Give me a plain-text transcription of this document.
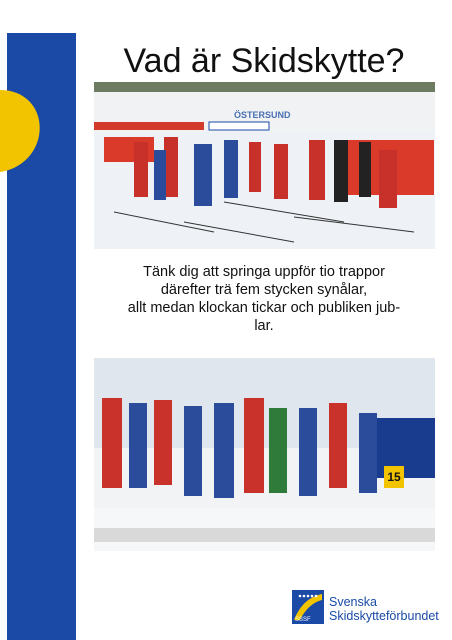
Vad är Skidskytte?
ÖSTERSUND
Tänk dig att springa uppför tio trappor
därefter trä fem stycken synålar,
allt medan klockan tickar och publiken jub-
lar.
15
SSSF
Svenska
Skidskytteförbundet
